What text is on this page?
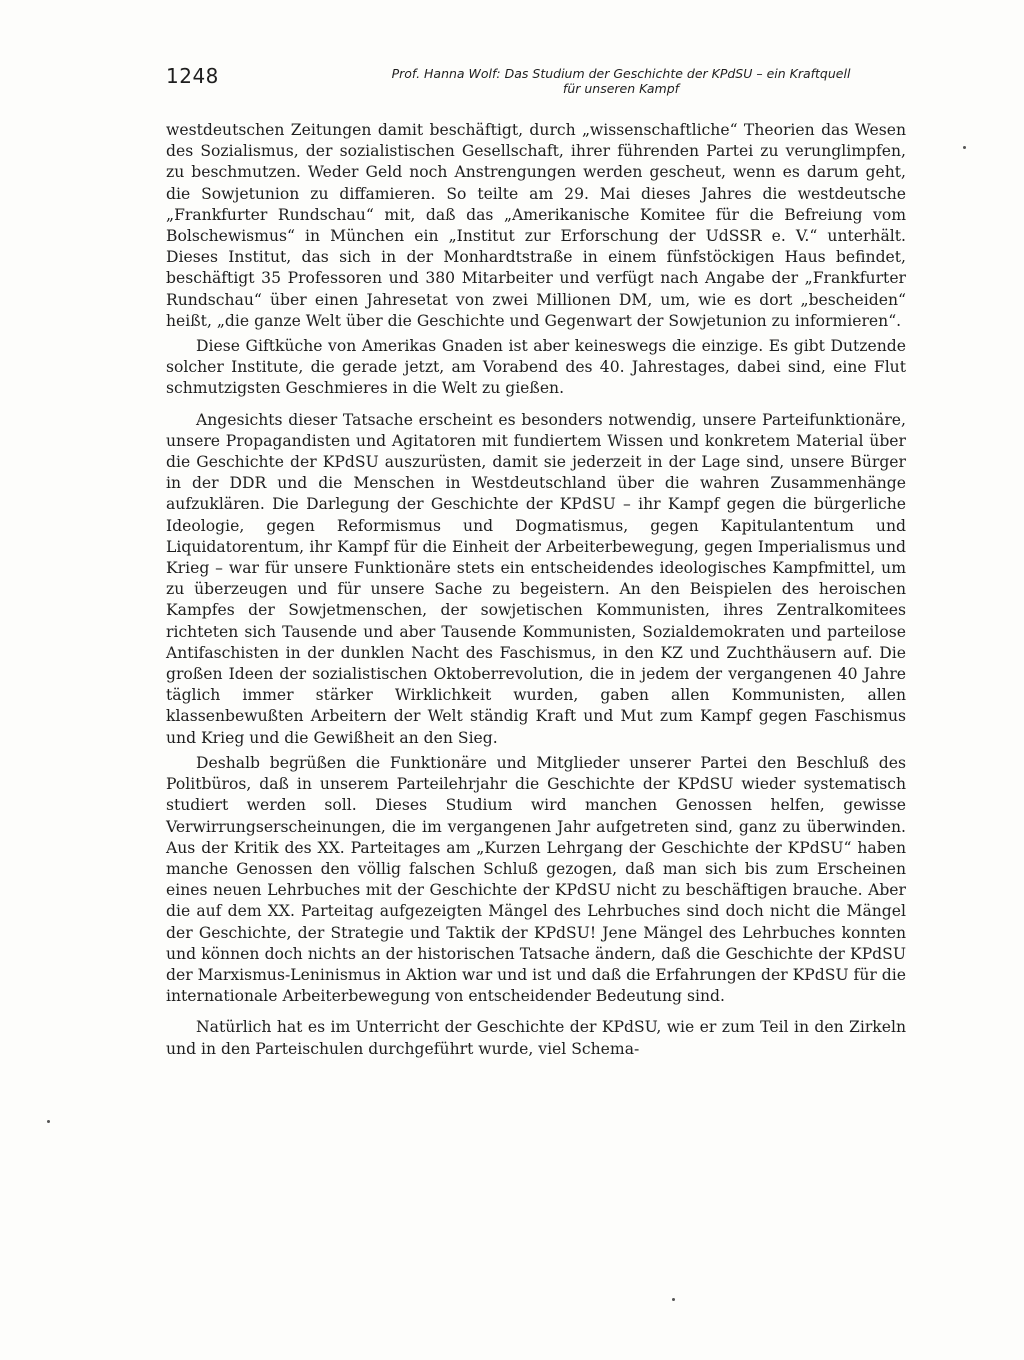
1248	Prof. Hanna Wolf: Das Studium der Geschichte der KPdSU – ein Kraftquell
für unseren Kampf

westdeutschen Zeitungen damit beschäftigt, durch „wissenschaftliche“ Theorien das Wesen des Sozialismus, der sozialistischen Gesellschaft, ihrer führenden Partei zu verunglimpfen, zu beschmutzen. Weder Geld noch Anstrengungen werden gescheut, wenn es darum geht, die Sowjetunion zu diffamieren. So teilte am 29. Mai dieses Jahres die westdeutsche „Frankfurter Rundschau“ mit, daß das „Amerikanische Komitee für die Befreiung vom Bolschewismus“ in München ein „Institut zur Erforschung der UdSSR e. V.“ unterhält. Dieses Institut, das sich in der Monhardtstraße in einem fünfstöckigen Haus befindet, beschäftigt 35 Professoren und 380 Mitarbeiter und verfügt nach Angabe der „Frankfurter Rundschau“ über einen Jahresetat von zwei Millionen DM, um, wie es dort „bescheiden“ heißt, „die ganze Welt über die Geschichte und Gegenwart der Sowjetunion zu informieren“.

Diese Giftküche von Amerikas Gnaden ist aber keineswegs die einzige. Es gibt Dutzende solcher Institute, die gerade jetzt, am Vorabend des 40. Jahrestages, dabei sind, eine Flut schmutzigsten Geschmieres in die Welt zu gießen.

Angesichts dieser Tatsache erscheint es besonders notwendig, unsere Parteifunktionäre, unsere Propagandisten und Agitatoren mit fundiertem Wissen und konkretem Material über die Geschichte der KPdSU auszurüsten, damit sie jederzeit in der Lage sind, unsere Bürger in der DDR und die Menschen in Westdeutschland über die wahren Zusammenhänge aufzuklären. Die Darlegung der Geschichte der KPdSU – ihr Kampf gegen die bürgerliche Ideologie, gegen Reformismus und Dogmatismus, gegen Kapitulantentum und Liquidatorentum, ihr Kampf für die Einheit der Arbeiterbewegung, gegen Imperialismus und Krieg – war für unsere Funktionäre stets ein entscheidendes ideologisches Kampfmittel, um zu überzeugen und für unsere Sache zu begeistern. An den Beispielen des heroischen Kampfes der Sowjetmenschen, der sowjetischen Kommunisten, ihres Zentralkomitees richteten sich Tausende und aber Tausende Kommunisten, Sozialdemokraten und parteilose Antifaschisten in der dunklen Nacht des Faschismus, in den KZ und Zuchthäusern auf. Die großen Ideen der sozialistischen Oktoberrevolution, die in jedem der vergangenen 40 Jahre täglich immer stärker Wirklichkeit wurden, gaben allen Kommunisten, allen klassenbewußten Arbeitern der Welt ständig Kraft und Mut zum Kampf gegen Faschismus und Krieg und die Gewißheit an den Sieg.

Deshalb begrüßen die Funktionäre und Mitglieder unserer Partei den Beschluß des Politbüros, daß in unserem Parteilehrjahr die Geschichte der KPdSU wieder systematisch studiert werden soll. Dieses Studium wird manchen Genossen helfen, gewisse Verwirrungserscheinungen, die im vergangenen Jahr aufgetreten sind, ganz zu überwinden. Aus der Kritik des XX. Parteitages am „Kurzen Lehrgang der Geschichte der KPdSU“ haben manche Genossen den völlig falschen Schluß gezogen, daß man sich bis zum Erscheinen eines neuen Lehrbuches mit der Geschichte der KPdSU nicht zu beschäftigen brauche. Aber die auf dem XX. Parteitag aufgezeigten Mängel des Lehrbuches sind doch nicht die Mängel der Geschichte, der Strategie und Taktik der KPdSU! Jene Mängel des Lehrbuches konnten und können doch nichts an der historischen Tatsache ändern, daß die Geschichte der KPdSU der Marxismus-Leninismus in Aktion war und ist und daß die Erfahrungen der KPdSU für die internationale Arbeiterbewegung von entscheidender Bedeutung sind.

Natürlich hat es im Unterricht der Geschichte der KPdSU, wie er zum Teil in den Zirkeln und in den Parteischulen durchgeführt wurde, viel Schema-
